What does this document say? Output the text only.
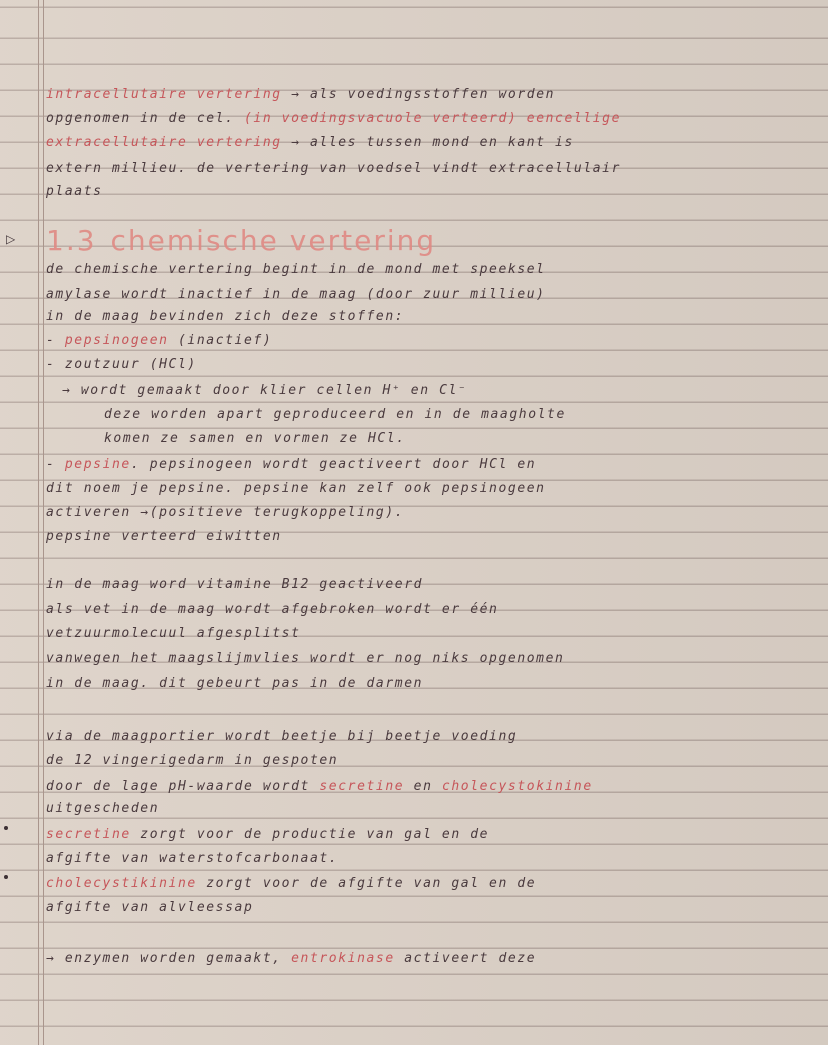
▷ 1.3 chemische vertering
intracellutaire vertering → als voedingsstoffen worden
opgenomen in de cel. (in voedingsvacuole verteerd) eencellige
extracellutaire vertering → alles tussen mond en kant is
extern millieu. de vertering van voedsel vindt extracellulair
plaats
de chemische vertering begint in de mond met speeksel
amylase wordt inactief in de maag (door zuur millieu)
in de maag bevinden zich deze stoffen:
- pepsinogeen (inactief)
- zoutzuur (HCl)
→ wordt gemaakt door klier cellen H⁺ en Cl⁻
deze worden apart geproduceerd en in de maagholte
komen ze samen en vormen ze HCl.
- pepsine. pepsinogeen wordt geactiveert door HCl en
dit noem je pepsine. pepsine kan zelf ook pepsinogeen
activeren →(positieve terugkoppeling).
pepsine verteerd eiwitten
in de maag word vitamine B12 geactiveerd
als vet in de maag wordt afgebroken wordt er één
vetzuurmolecuul afgesplitst
vanwegen het maagslijmvlies wordt er nog niks opgenomen
in de maag. dit gebeurt pas in de darmen
via de maagportier wordt beetje bij beetje voeding
de 12 vingerigedarm in gespoten
door de lage pH-waarde wordt secretine en cholecystokinine
uitgescheden
secretine zorgt voor de productie van gal en de
afgifte van waterstofcarbonaat.
cholecystikinine zorgt voor de afgifte van gal en de
afgifte van alvleessap
→ enzymen worden gemaakt, entrokinase activeert deze
